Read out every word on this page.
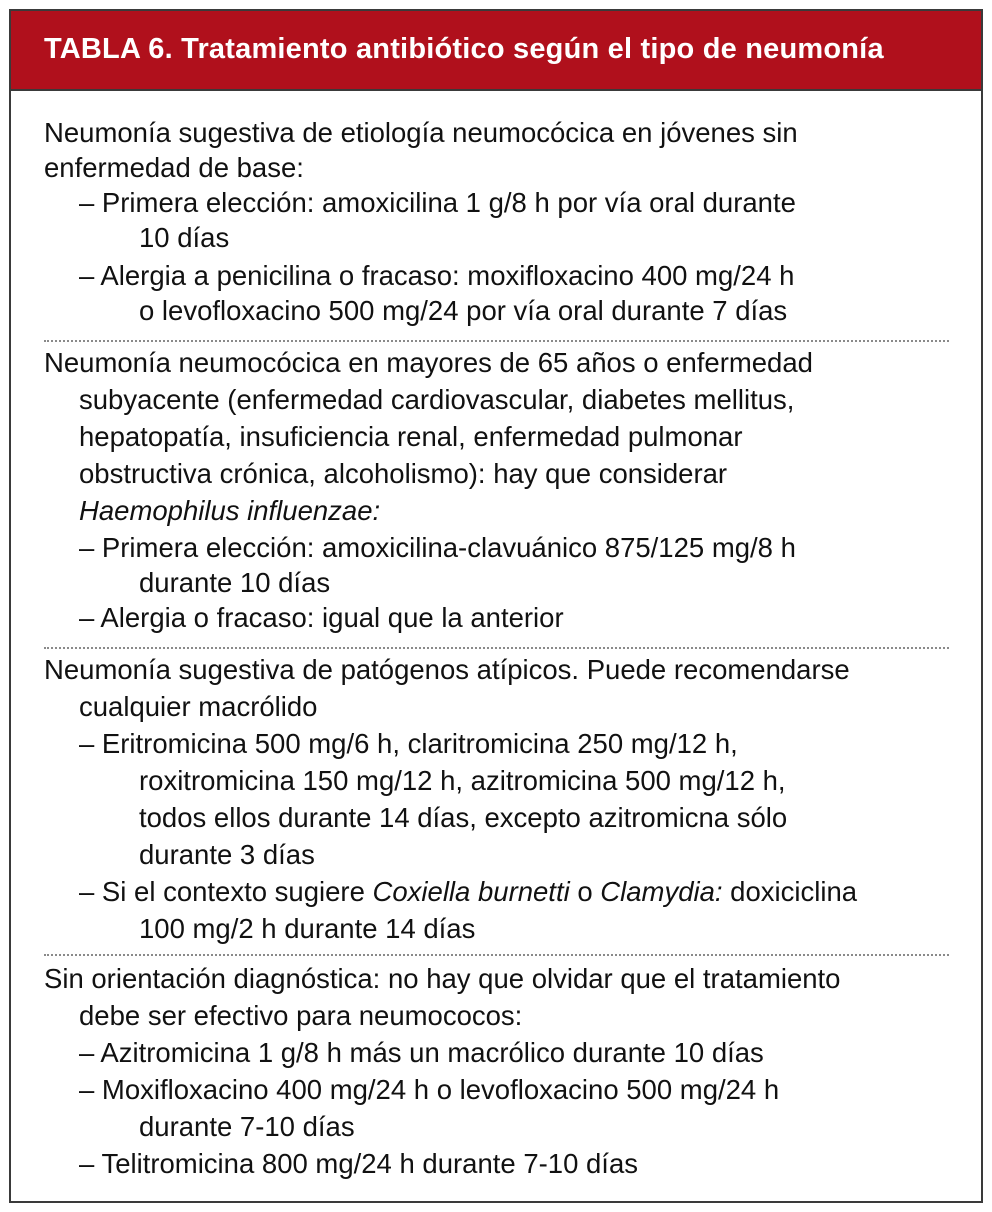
TABLA 6. Tratamiento antibiótico según el tipo de neumonía
Neumonía sugestiva de etiología neumocócica en jóvenes sin
enfermedad de base:
– Primera elección: amoxicilina 1 g/8 h por vía oral durante
10 días
– Alergia a penicilina o fracaso: moxifloxacino 400 mg/24 h
o levofloxacino 500 mg/24 por vía oral durante 7 días
Neumonía neumocócica en mayores de 65 años o enfermedad
subyacente (enfermedad cardiovascular, diabetes mellitus,
hepatopatía, insuficiencia renal, enfermedad pulmonar
obstructiva crónica, alcoholismo): hay que considerar
Haemophilus influenzae:
– Primera elección: amoxicilina-clavuánico 875/125 mg/8 h
durante 10 días
– Alergia o fracaso: igual que la anterior
Neumonía sugestiva de patógenos atípicos. Puede recomendarse
cualquier macrólido
– Eritromicina 500 mg/6 h, claritromicina 250 mg/12 h,
roxitromicina 150 mg/12 h, azitromicina 500 mg/12 h,
todos ellos durante 14 días, excepto azitromicna sólo
durante 3 días
– Si el contexto sugiere Coxiella burnetti o Clamydia: doxiciclina
100 mg/2 h durante 14 días
Sin orientación diagnóstica: no hay que olvidar que el tratamiento
debe ser efectivo para neumococos:
– Azitromicina 1 g/8 h más un macrólico durante 10 días
– Moxifloxacino 400 mg/24 h o levofloxacino 500 mg/24 h
durante 7-10 días
– Telitromicina 800 mg/24 h durante 7-10 días
